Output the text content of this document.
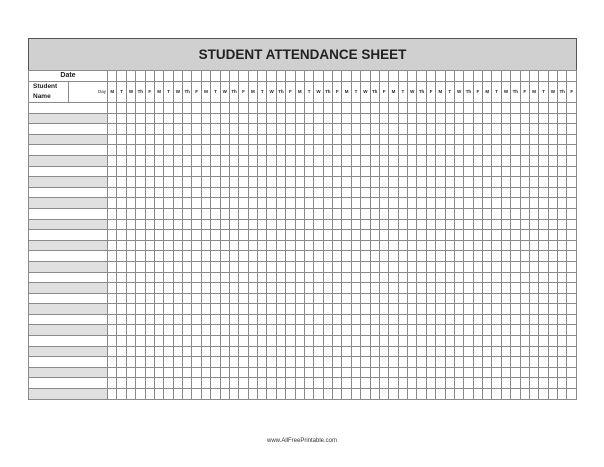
STUDENT ATTENDANCE SHEET
Date																																																			
Student Name	Day	M	T	W	Th	F	M	T	W	Th	F	M	T	W	Th	F	M	T	W	Th	F	M	T	W	Th	F	M	T	W	Th	F	M	T	W	Th	F	M	T	W	Th	F	M	T	W	Th	F	M	T	W	Th	F

www.AllFreePrintable.com
